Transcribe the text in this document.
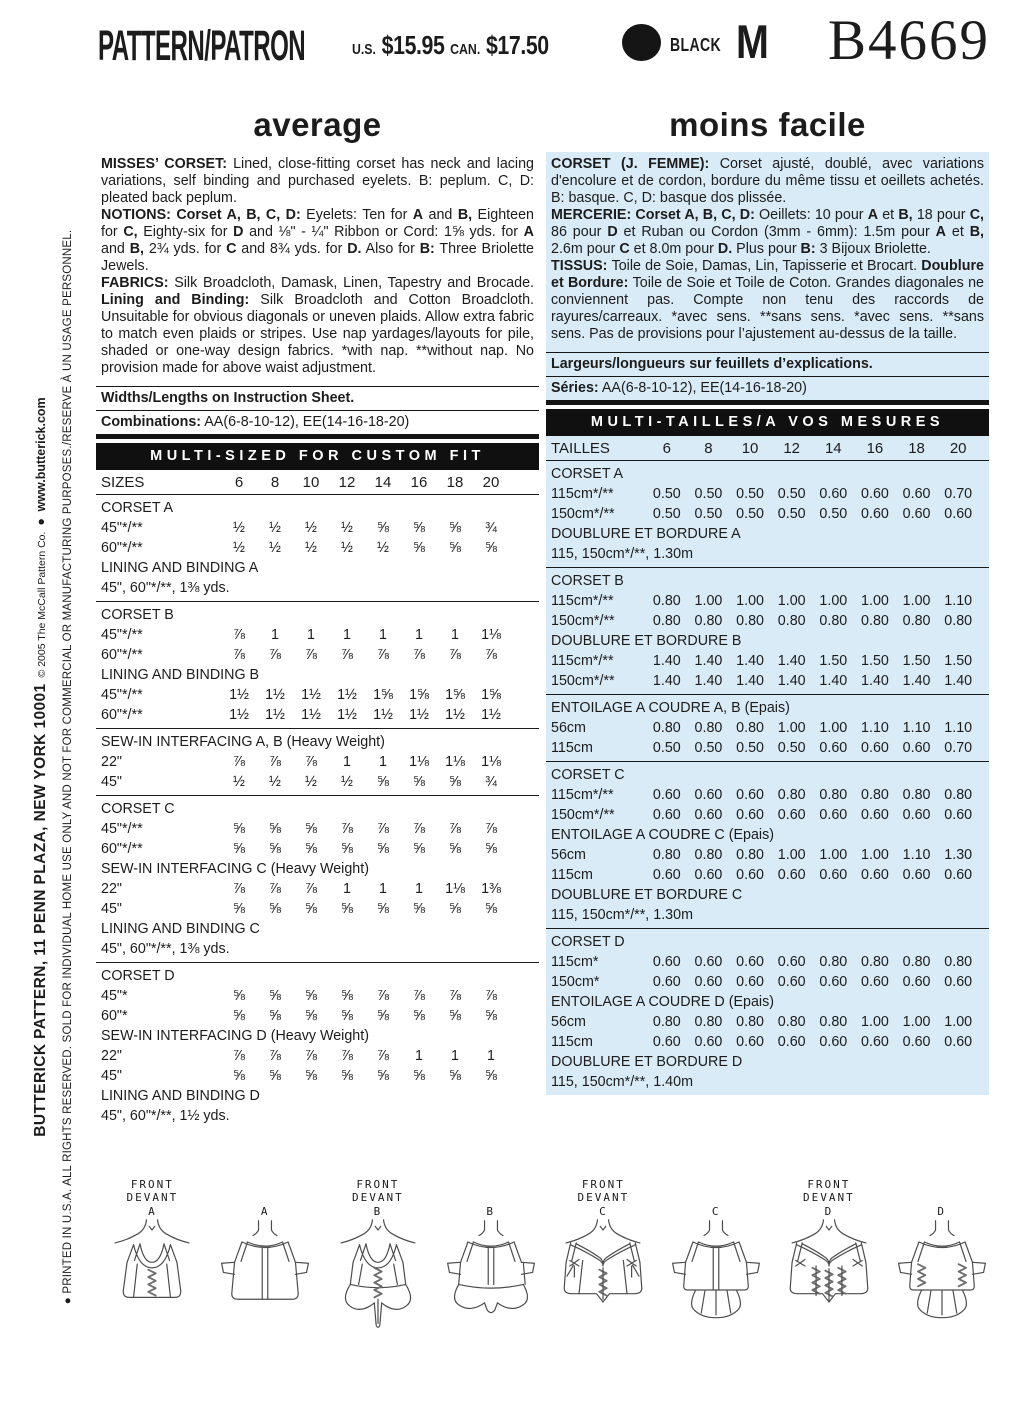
BUTTERICK PATTERN, 11 PENN PLAZA, NEW YORK 10001  © 2005 The McCall Pattern Co.  ●  www.butterick.com ● PRINTED IN U.S.A. ALL RIGHTS RESERVED. SOLD FOR INDIVIDUAL HOME USE ONLY AND NOT FOR COMMERCIAL OR MANUFACTURING PURPOSES./RESERVE À UN USAGE PERSONNEL.
PATTERN/PATRON	U.S. $15.95 CAN. $17.50	BLACK M B4669
average

MISSES’ CORSET: Lined, close-fitting corset has neck and lacing variations, self binding and purchased eyelets. B: peplum. C, D: pleated back peplum.

NOTIONS: Corset A, B, C, D: Eyelets: Ten for A and B, Eighteen for C, Eighty-six for D and ⅛" - ¼" Ribbon or Cord: 1⅝ yds. for A and B, 2¾ yds. for C and 8¾ yds. for D. Also for B: Three Briolette Jewels.

FABRICS: Silk Broadcloth, Damask, Linen, Tapestry and Brocade. Lining and Binding: Silk Broadcloth and Cotton Broadcloth. Unsuitable for obvious diagonals or uneven plaids. Allow extra fabric to match even plaids or stripes. Use nap yardages/layouts for pile, shaded or one-way design fabrics. *with nap. **without nap. No provision made for above waist adjustment.

Widths/Lengths on Instruction Sheet.
Combinations: AA(6-8-10-12), EE(14-16-18-20)
MULTI-SIZED FOR CUSTOM FIT
SIZES	6	8	10	12	14	16	18	20
CORSET A
45"*/**	½	½	½	½	⅝	⅝	⅝	¾
60"*/**	½	½	½	½	½	⅝	⅝	⅝
LINING AND BINDING A
45", 60"*/**, 1⅜ yds.
CORSET B
45"*/**	⅞	1	1	1	1	1	1	1⅛
60"*/**	⅞	⅞	⅞	⅞	⅞	⅞	⅞	⅞
LINING AND BINDING B
45"*/**	1½	1½	1½	1½	1⅝	1⅝	1⅝	1⅝
60"*/**	1½	1½	1½	1½	1½	1½	1½	1½
SEW-IN INTERFACING A, B (Heavy Weight)
22"	⅞	⅞	⅞	1	1	1⅛	1⅛	1⅛
45"	½	½	½	½	⅝	⅝	⅝	¾
CORSET C
45"*/**	⅝	⅝	⅝	⅞	⅞	⅞	⅞	⅞
60"*/**	⅝	⅝	⅝	⅝	⅝	⅝	⅝	⅝
SEW-IN INTERFACING C (Heavy Weight)
22"	⅞	⅞	⅞	1	1	1	1⅛	1⅜
45"	⅝	⅝	⅝	⅝	⅝	⅝	⅝	⅝
LINING AND BINDING C
45", 60"*/**, 1⅜ yds.
CORSET D
45"*	⅝	⅝	⅝	⅝	⅞	⅞	⅞	⅞
60"*	⅝	⅝	⅝	⅝	⅝	⅝	⅝	⅝
SEW-IN INTERFACING D (Heavy Weight)
22"	⅞	⅞	⅞	⅞	⅞	1	1	1
45"	⅝	⅝	⅝	⅝	⅝	⅝	⅝	⅝
LINING AND BINDING D
45", 60"*/**, 1½ yds.
moins facile

CORSET (J. FEMME): Corset ajusté, doublé, avec variations d'encolure et de cordon, bordure du même tissu et oeillets achetés. B: basque. C, D: basque dos plissée.

MERCERIE: Corset A, B, C, D: Oeillets: 10 pour A et B, 18 pour C, 86 pour D et Ruban ou Cordon (3mm - 6mm): 1.5m pour A et B, 2.6m pour C et 8.0m pour D. Plus pour B: 3 Bijoux Briolette.

TISSUS: Toile de Soie, Damas, Lin, Tapisserie et Brocart. Doublure et Bordure: Toile de Soie et Toile de Coton. Grandes diagonales ne conviennent pas. Compte non tenu des raccords de rayures/carreaux. *avec sens. **sans sens. *avec sens. **sans sens. Pas de provisions pour l’ajustement au-dessus de la taille.

Largeurs/longueurs sur feuillets d’explications.
Séries: AA(6-8-10-12), EE(14-16-18-20)
MULTI-TAILLES/A VOS MESURES
TAILLES	6	8	10	12	14	16	18	20
CORSET A
115cm*/**	0.50 0.50 0.50 0.50 0.60 0.60 0.60 0.70
150cm*/**	0.50 0.50 0.50 0.50 0.50 0.60 0.60 0.60
DOUBLURE ET BORDURE A
115, 150cm*/**, 1.30m
CORSET B
115cm*/**	0.80 1.00 1.00 1.00 1.00 1.00 1.00 1.10
150cm*/**	0.80 0.80 0.80 0.80 0.80 0.80 0.80 0.80
DOUBLURE ET BORDURE B
115cm*/**	1.40 1.40 1.40 1.40 1.50 1.50 1.50 1.50
150cm*/**	1.40 1.40 1.40 1.40 1.40 1.40 1.40 1.40
ENTOILAGE A COUDRE A, B (Epais)
56cm	0.80 0.80 0.80 1.00 1.00 1.10 1.10 1.10
115cm	0.50 0.50 0.50 0.50 0.60 0.60 0.60 0.70
CORSET C
115cm*/**	0.60 0.60 0.60 0.80 0.80 0.80 0.80 0.80
150cm*/**	0.60 0.60 0.60 0.60 0.60 0.60 0.60 0.60
ENTOILAGE A COUDRE C (Epais)
56cm	0.80 0.80 0.80 1.00 1.00 1.00 1.10 1.30
115cm	0.60 0.60 0.60 0.60 0.60 0.60 0.60 0.60
DOUBLURE ET BORDURE C
115, 150cm*/**, 1.30m
CORSET D
115cm*	0.60 0.60 0.60 0.60 0.80 0.80 0.80 0.80
150cm*	0.60 0.60 0.60 0.60 0.60 0.60 0.60 0.60
ENTOILAGE A COUDRE D (Epais)
56cm	0.80 0.80 0.80 0.80 0.80 1.00 1.00 1.00
115cm	0.60 0.60 0.60 0.60 0.60 0.60 0.60 0.60
DOUBLURE ET BORDURE D
115, 150cm*/**, 1.40m
FRONT
DEVANT
A	A
FRONT
DEVANT
B	B
FRONT
DEVANT
C	C
FRONT
DEVANT
D	D
